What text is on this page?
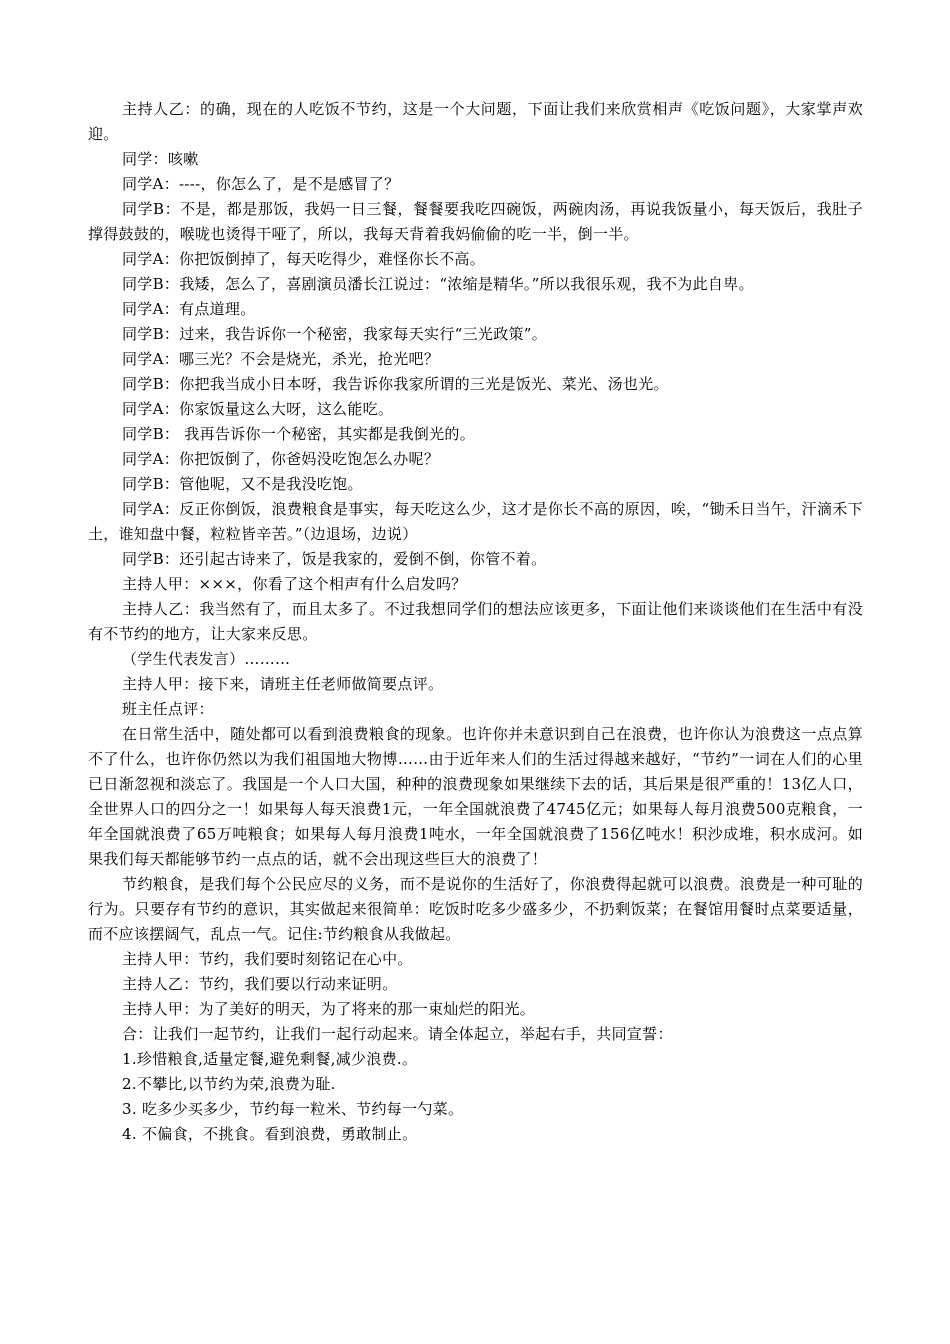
主持人乙：的确，现在的人吃饭不节约，这是一个大问题，下面让我们来欣赏相声《吃饭问题》，大家掌声欢迎。

同学：咳嗽

同学A：----，你怎么了，是不是感冒了？

同学B：不是，都是那饭，我妈一日三餐，餐餐要我吃四碗饭，两碗肉汤，再说我饭量小，每天饭后，我肚子撑得鼓鼓的，喉咙也烫得干哑了，所以，我每天背着我妈偷偷的吃一半，倒一半。

同学A：你把饭倒掉了，每天吃得少，难怪你长不高。

同学B：我矮，怎么了，喜剧演员潘长江说过：“浓缩是精华。”所以我很乐观，我不为此自卑。

同学A：有点道理。

同学B：过来，我告诉你一个秘密，我家每天实行“三光政策”。

同学A：哪三光？不会是烧光，杀光，抢光吧？

同学B：你把我当成小日本呀，我告诉你我家所谓的三光是饭光、菜光、汤也光。

同学A：你家饭量这么大呀，这么能吃。

同学B： 我再告诉你一个秘密，其实都是我倒光的。

同学A：你把饭倒了，你爸妈没吃饱怎么办呢？

同学B：管他呢，又不是我没吃饱。

同学A：反正你倒饭，浪费粮食是事实，每天吃这么少，这才是你长不高的原因，唉，“锄禾日当午，汗滴禾下土，谁知盘中餐，粒粒皆辛苦。”（边退场，边说）

同学B：还引起古诗来了，饭是我家的，爱倒不倒，你管不着。

主持人甲：×××，你看了这个相声有什么启发吗？

主持人乙：我当然有了，而且太多了。不过我想同学们的想法应该更多，下面让他们来谈谈他们在生活中有没有不节约的地方，让大家来反思。

（学生代表发言）………

主持人甲：接下来，请班主任老师做简要点评。

班主任点评：

在日常生活中，随处都可以看到浪费粮食的现象。也许你并未意识到自己在浪费，也许你认为浪费这一点点算不了什么，也许你仍然以为我们祖国地大物博……由于近年来人们的生活过得越来越好，“节约”一词在人们的心里已日渐忽视和淡忘了。我国是一个人口大国，种种的浪费现象如果继续下去的话，其后果是很严重的！13亿人口，全世界人口的四分之一！如果每人每天浪费1元，一年全国就浪费了4745亿元；如果每人每月浪费500克粮食，一年全国就浪费了65万吨粮食；如果每人每月浪费1吨水，一年全国就浪费了156亿吨水！积沙成堆，积水成河。如果我们每天都能够节约一点点的话，就不会出现这些巨大的浪费了！

节约粮食，是我们每个公民应尽的义务，而不是说你的生活好了，你浪费得起就可以浪费。浪费是一种可耻的行为。只要存有节约的意识，其实做起来很简单：吃饭时吃多少盛多少，不扔剩饭菜；在餐馆用餐时点菜要适量，而不应该摆阔气，乱点一气。记住:节约粮食从我做起。

主持人甲：节约，我们要时刻铭记在心中。

主持人乙：节约，我们要以行动来证明。

主持人甲：为了美好的明天，为了将来的那一束灿烂的阳光。

合：让我们一起节约，让我们一起行动起来。请全体起立，举起右手，共同宣誓：

1.珍惜粮食,适量定餐,避免剩餐,减少浪费.。

2.不攀比,以节约为荣,浪费为耻.

3. 吃多少买多少，节约每一粒米、节约每一勺菜。

4. 不偏食，不挑食。看到浪费，勇敢制止。
